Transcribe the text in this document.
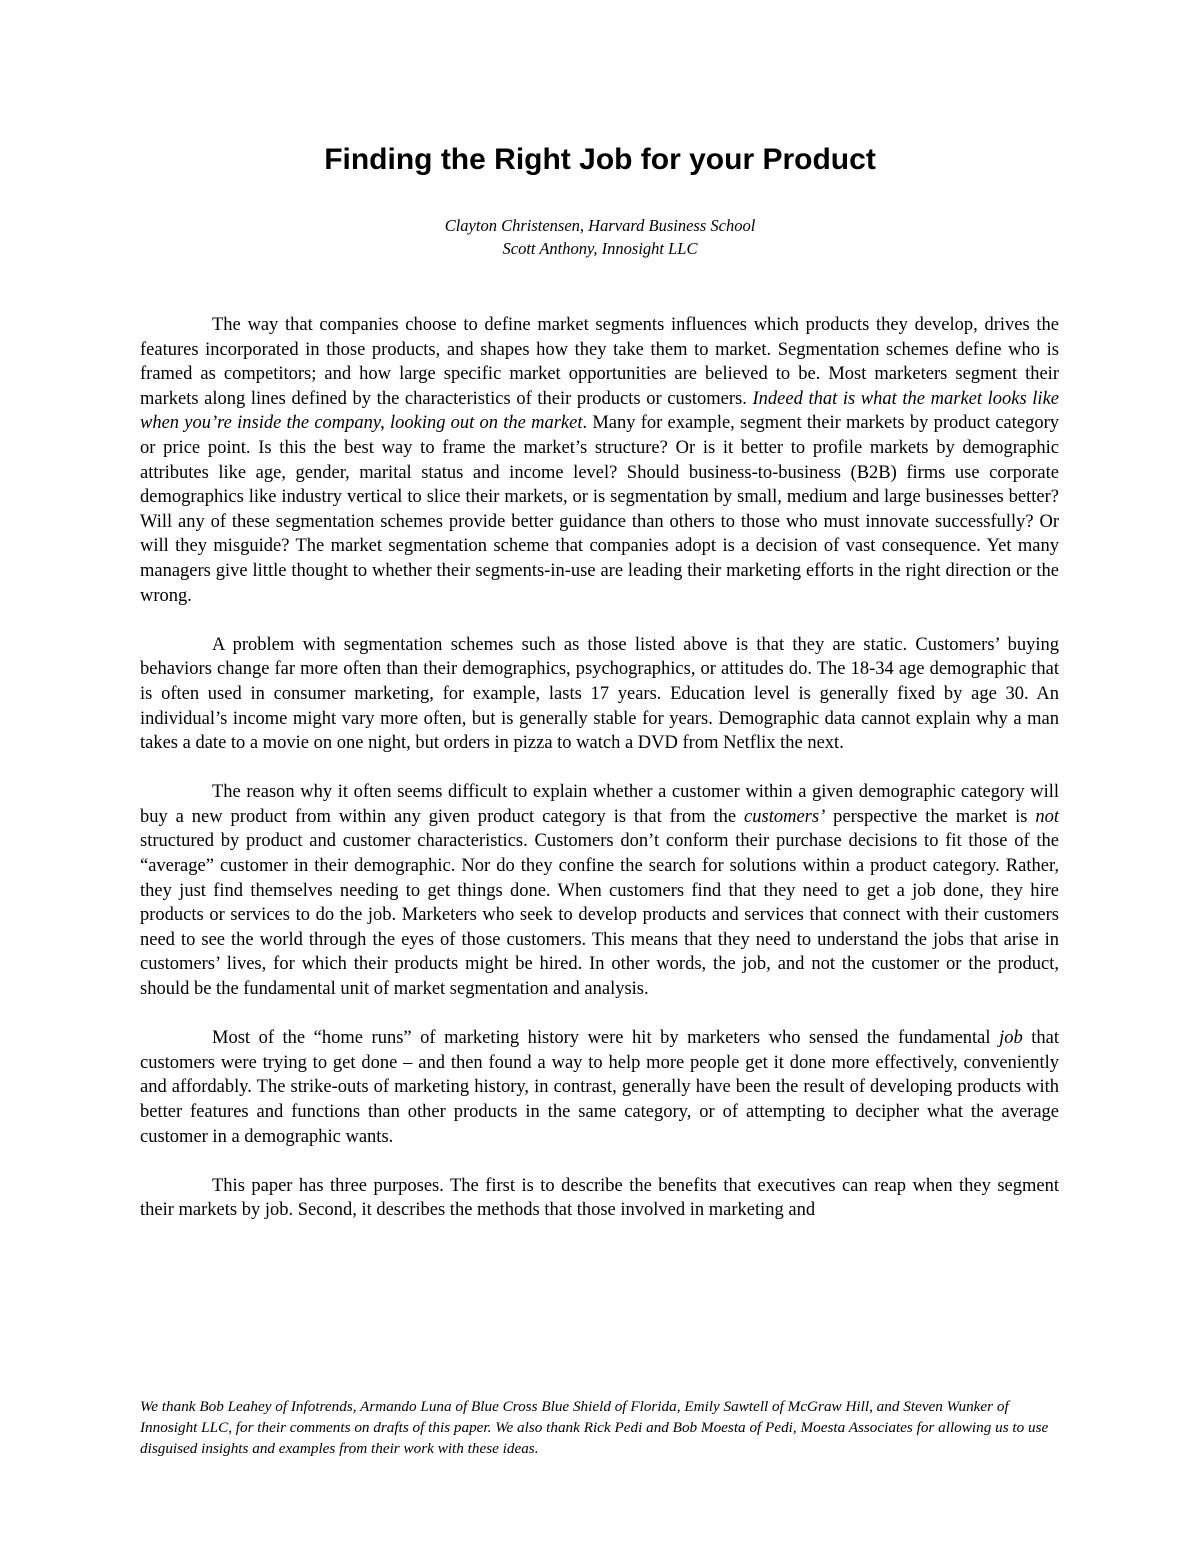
Finding the Right Job for your Product
Clayton Christensen, Harvard Business School
Scott Anthony, Innosight LLC

The way that companies choose to define market segments influences which products they develop, drives the features incorporated in those products, and shapes how they take them to market. Segmentation schemes define who is framed as competitors; and how large specific market opportunities are believed to be. Most marketers segment their markets along lines defined by the characteristics of their products or customers. Indeed that is what the market looks like when you’re inside the company, looking out on the market. Many for example, segment their markets by product category or price point. Is this the best way to frame the market’s structure? Or is it better to profile markets by demographic attributes like age, gender, marital status and income level? Should business-to-business (B2B) firms use corporate demographics like industry vertical to slice their markets, or is segmentation by small, medium and large businesses better? Will any of these segmentation schemes provide better guidance than others to those who must innovate successfully? Or will they misguide? The market segmentation scheme that companies adopt is a decision of vast consequence. Yet many managers give little thought to whether their segments-in-use are leading their marketing efforts in the right direction or the wrong.

A problem with segmentation schemes such as those listed above is that they are static. Customers’ buying behaviors change far more often than their demographics, psychographics, or attitudes do. The 18-34 age demographic that is often used in consumer marketing, for example, lasts 17 years. Education level is generally fixed by age 30. An individual’s income might vary more often, but is generally stable for years. Demographic data cannot explain why a man takes a date to a movie on one night, but orders in pizza to watch a DVD from Netflix the next.

The reason why it often seems difficult to explain whether a customer within a given demographic category will buy a new product from within any given product category is that from the customers’ perspective the market is not structured by product and customer characteristics. Customers don’t conform their purchase decisions to fit those of the “average” customer in their demographic. Nor do they confine the search for solutions within a product category. Rather, they just find themselves needing to get things done. When customers find that they need to get a job done, they hire products or services to do the job. Marketers who seek to develop products and services that connect with their customers need to see the world through the eyes of those customers. This means that they need to understand the jobs that arise in customers’ lives, for which their products might be hired. In other words, the job, and not the customer or the product, should be the fundamental unit of market segmentation and analysis.

Most of the “home runs” of marketing history were hit by marketers who sensed the fundamental job that customers were trying to get done – and then found a way to help more people get it done more effectively, conveniently and affordably. The strike-outs of marketing history, in contrast, generally have been the result of developing products with better features and functions than other products in the same category, or of attempting to decipher what the average customer in a demographic wants.

This paper has three purposes. The first is to describe the benefits that executives can reap when they segment their markets by job. Second, it describes the methods that those involved in marketing and

We thank Bob Leahey of Infotrends, Armando Luna of Blue Cross Blue Shield of Florida, Emily Sawtell of McGraw Hill, and Steven Wunker of Innosight LLC, for their comments on drafts of this paper. We also thank Rick Pedi and Bob Moesta of Pedi, Moesta Associates for allowing us to use disguised insights and examples from their work with these ideas.
